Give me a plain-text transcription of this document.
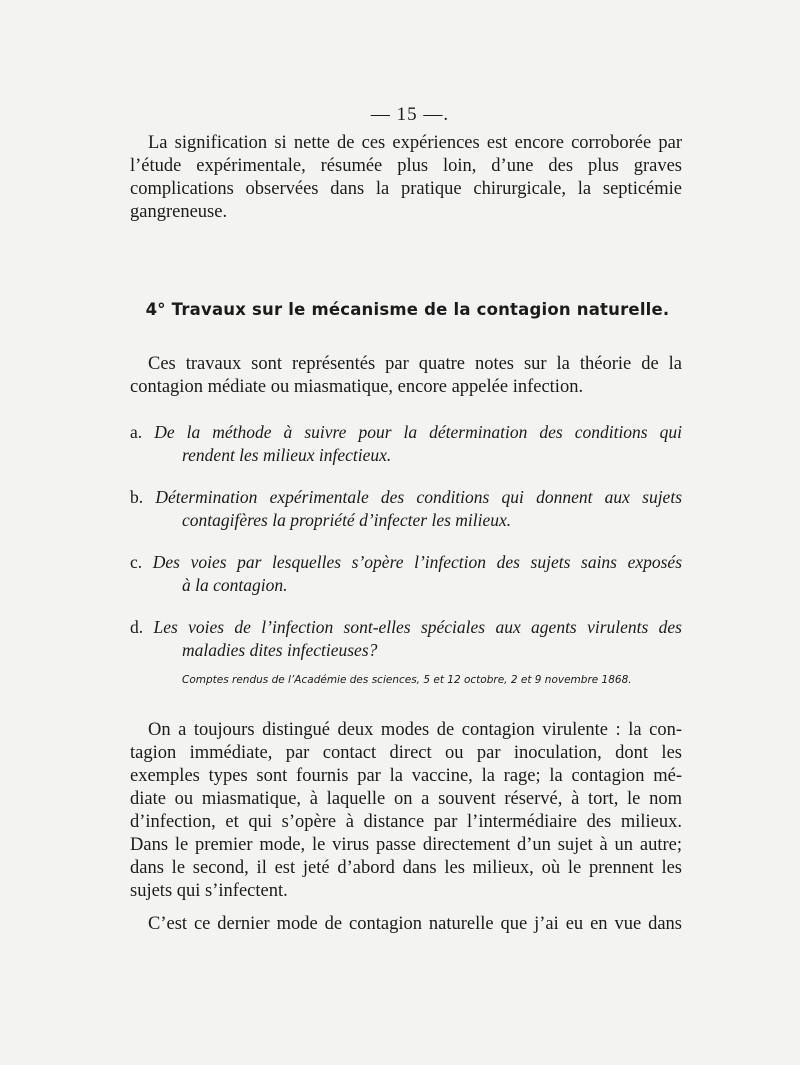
— 15 —.
La signification si nette de ces expériences est encore corroborée par
l’étude expérimentale, résumée plus loin, d’une des plus graves
complications observées dans la pratique chirurgicale, la septicémie
gangreneuse.
4° Travaux sur le mécanisme de la contagion naturelle.
Ces travaux sont représentés par quatre notes sur la théorie de la
contagion médiate ou miasmatique, encore appelée infection.
a. De la méthode à suivre pour la détermination des conditions qui
rendent les milieux infectieux.
b. Détermination expérimentale des conditions qui donnent aux sujets
contagifères la propriété d’infecter les milieux.
c. Des voies par lesquelles s’opère l’infection des sujets sains exposés
à la contagion.
d. Les voies de l’infection sont-elles spéciales aux agents virulents des
maladies dites infectieuses?
Comptes rendus de l’Académie des sciences, 5 et 12 octobre, 2 et 9 novembre 1868.
On a toujours distingué deux modes de contagion virulente : la con-
tagion immédiate, par contact direct ou par inoculation, dont les
exemples types sont fournis par la vaccine, la rage; la contagion mé-
diate ou miasmatique, à laquelle on a souvent réservé, à tort, le nom
d’infection, et qui s’opère à distance par l’intermédiaire des milieux.
Dans le premier mode, le virus passe directement d’un sujet à un autre;
dans le second, il est jeté d’abord dans les milieux, où le prennent les
sujets qui s’infectent.
C’est ce dernier mode de contagion naturelle que j’ai eu en vue dans
